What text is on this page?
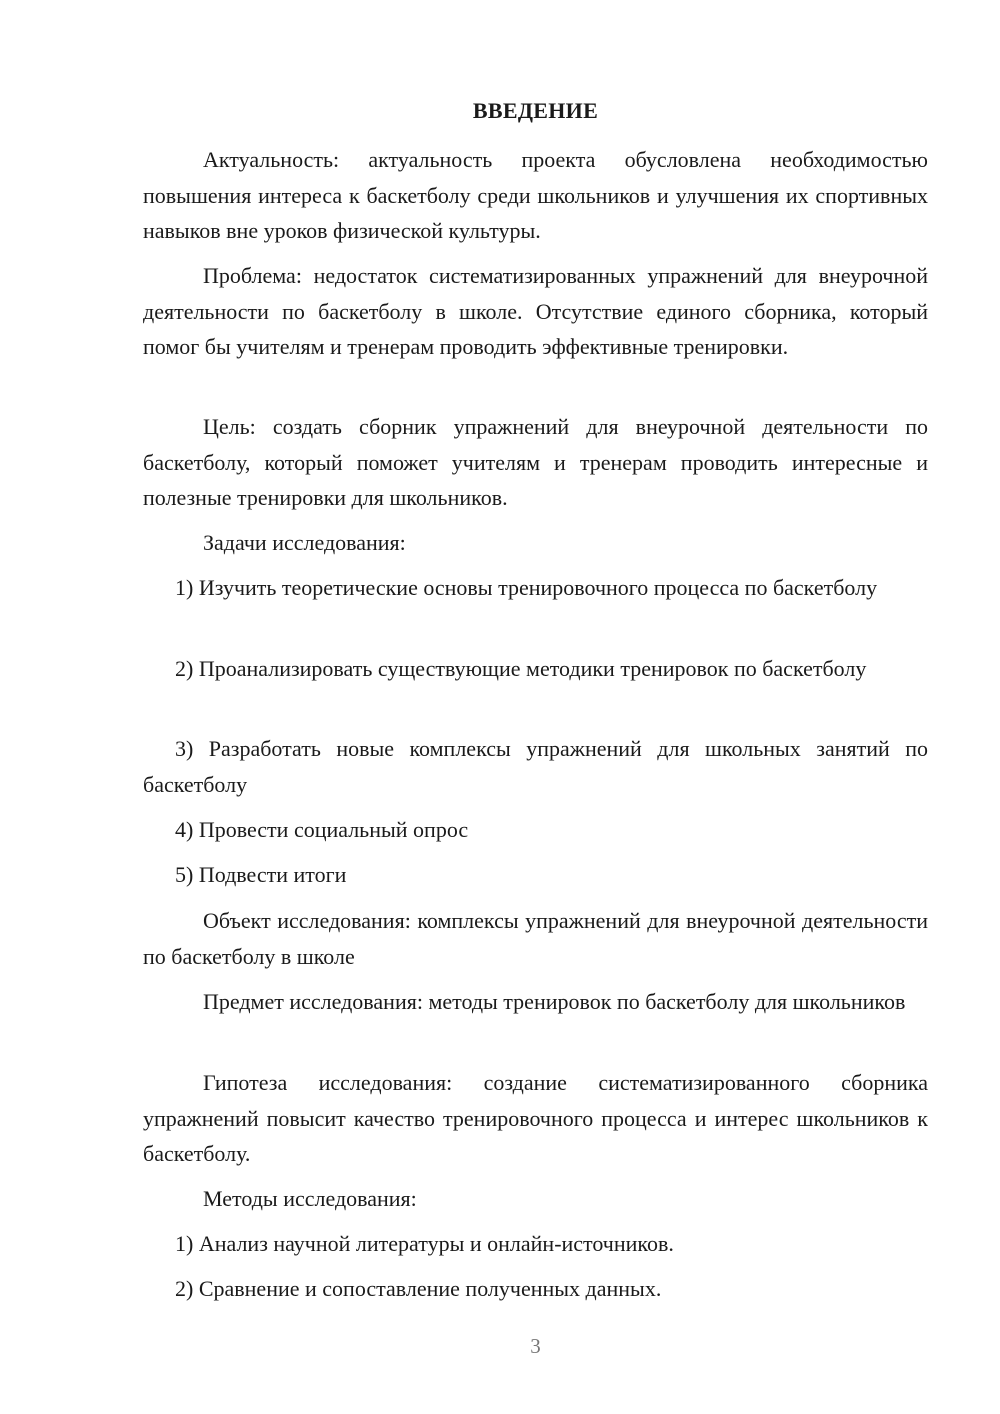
ВВЕДЕНИЕ

Актуальность: актуальность проекта обусловлена необходимостью повышения интереса к баскетболу среди школьников и улучшения их спортивных навыков вне уроков физической культуры.

Проблема: недостаток систематизированных упражнений для внеурочной деятельности по баскетболу в школе. Отсутствие единого сборника, который помог бы учителям и тренерам проводить эффективные тренировки.

Цель: создать сборник упражнений для внеурочной деятельности по баскетболу, который поможет учителям и тренерам проводить интересные и полезные тренировки для школьников.

Задачи исследования:

1) Изучить теоретические основы тренировочного процесса по баскетболу

2) Проанализировать существующие методики тренировок по баскетболу

3) Разработать новые комплексы упражнений для школьных занятий по баскетболу

4) Провести социальный опрос

5) Подвести итоги

Объект исследования: комплексы упражнений для внеурочной деятельности по баскетболу в школе

Предмет исследования: методы тренировок по баскетболу для школьников

Гипотеза исследования: создание систематизированного сборника упражнений повысит качество тренировочного процесса и интерес школьников к баскетболу.

Методы исследования:

1) Анализ научной литературы и онлайн-источников.

2) Сравнение и сопоставление полученных данных.

3
